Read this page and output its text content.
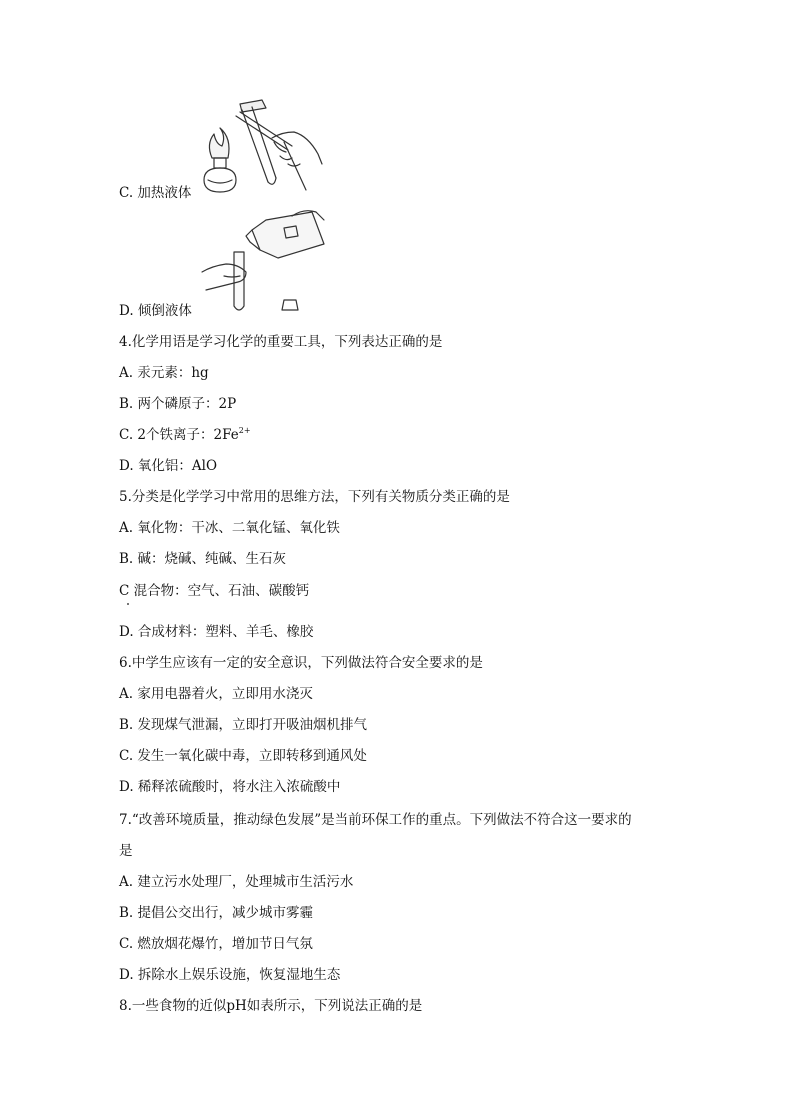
C. 加热液体
D. 倾倒液体
4.化学用语是学习化学的重要工具，下列表达正确的是
A. 汞元素：hg
B. 两个磷原子：2P
C. 2个铁离子：$2Fe^{2+}$
D. 氧化铝：AlO
5.分类是化学学习中常用的思维方法，下列有关物质分类正确的是
A. 氧化物：干冰、二氧化锰、氧化铁
B. 碱：烧碱、纯碱、生石灰
C 混合物：空气、石油、碳酸钙
D. 合成材料：塑料、羊毛、橡胶
6.中学生应该有一定的安全意识，下列做法符合安全要求的是
A. 家用电器着火，立即用水浇灭
B. 发现煤气泄漏，立即打开吸油烟机排气
C. 发生一氧化碳中毒，立即转移到通风处
D. 稀释浓硫酸时，将水注入浓硫酸中
7.“改善环境质量，推动绿色发展”是当前环保工作的重点。下列做法不符合这一要求的
是
A. 建立污水处理厂，处理城市生活污水
B. 提倡公交出行，减少城市雾霾
C. 燃放烟花爆竹，增加节日气氛
D. 拆除水上娱乐设施，恢复湿地生态
8.一些食物的近似pH如表所示，下列说法正确的是
